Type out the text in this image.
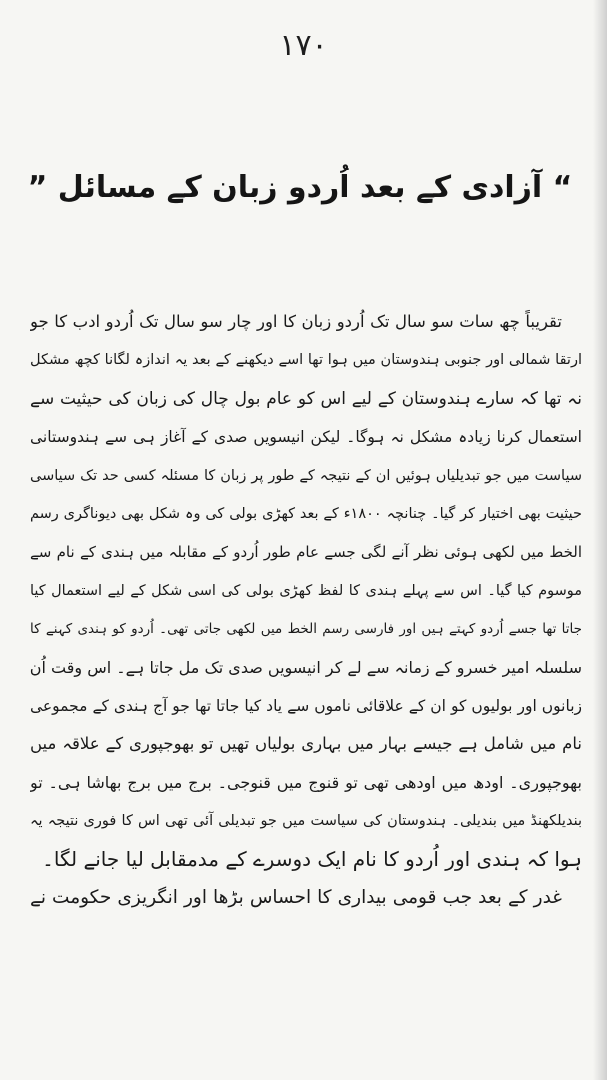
١٧٠
“ آزادی کے بعد اُردو زبان کے مسائل ”
تقریباً چھ سات سو سال تک اُردو زبان کا اور چار سو سال تک اُردو ادب کا جو
ارتقا شمالی اور جنوبی ہندوستان میں ہوا تھا اسے دیکھنے کے بعد یہ اندازہ لگانا کچھ مشکل
نہ تھا کہ سارے ہندوستان کے لیے اس کو عام بول چال کی زبان کی حیثیت سے
استعمال کرنا زیادہ مشکل نہ ہوگا۔ لیکن انیسویں صدی کے آغاز ہی سے ہندوستانی
سیاست میں جو تبدیلیاں ہوئیں ان کے نتیجہ کے طور پر زبان کا مسئلہ کسی حد تک سیاسی
حیثیت بھی اختیار کر گیا۔ چنانچہ ۱۸۰۰ء کے بعد کھڑی بولی کی وہ شکل بھی دیوناگری رسم
الخط میں لکھی ہوئی نظر آنے لگی جسے عام طور اُردو کے مقابلہ میں ہندی کے نام سے
موسوم کیا گیا۔ اس سے پہلے ہندی کا لفظ کھڑی بولی کی اسی شکل کے لیے استعمال کیا
جاتا تھا جسے اُردو کہتے ہیں اور فارسی رسم الخط میں لکھی جاتی تھی۔ اُردو کو ہندی کہنے کا
سلسلہ امیر خسرو کے زمانہ سے لے کر انیسویں صدی تک مل جاتا ہے۔ اس وقت اُن
زبانوں اور بولیوں کو ان کے علاقائی ناموں سے یاد کیا جاتا تھا جو آج ہندی کے مجموعی
نام میں شامل ہے جیسے بہار میں بہاری بولیاں تھیں تو بھوجپوری کے علاقہ میں
بھوجپوری۔ اودھ میں اودھی تھی تو قنوج میں قنوجی۔ برج میں برج بھاشا ہی۔ تو
بندیلکھنڈ میں بندیلی۔ ہندوستان کی سیاست میں جو تبدیلی آئی تھی اس کا فوری نتیجہ یہ
ہوا کہ ہندی اور اُردو کا نام ایک دوسرے کے مدمقابل لیا جانے لگا۔
غدر کے بعد جب قومی بیداری کا احساس بڑھا اور انگریزی حکومت نے
